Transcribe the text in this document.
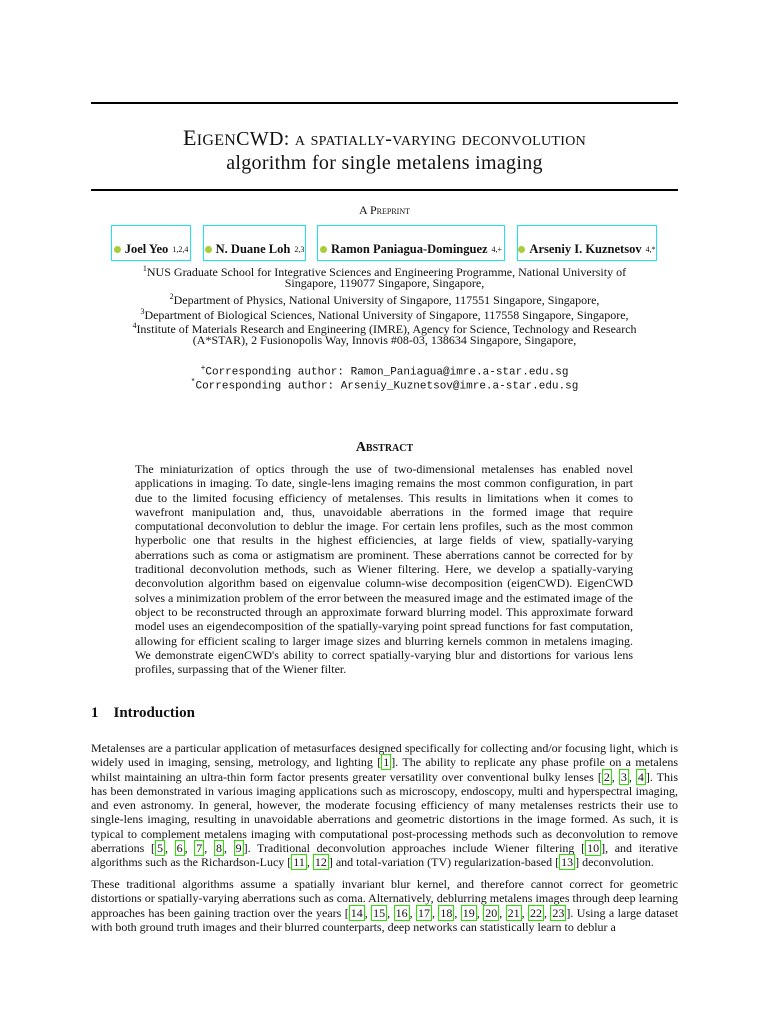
EIGENCWD: a spatially-varying deconvolution
algorithm for single metalens imaging
A Preprint
Joel Yeo 1,2,4 N. Duane Loh 2,3 Ramon Paniagua-Dominguez 4,+ Arseniy I. Kuznetsov 4,*
$^1$NUS Graduate School for Integrative Sciences and Engineering Programme, National University of
Singapore, 119077 Singapore, Singapore,
$^2$Department of Physics, National University of Singapore, 117551 Singapore, Singapore,
$^3$Department of Biological Sciences, National University of Singapore, 117558 Singapore, Singapore,
$^4$Institute of Materials Research and Engineering (IMRE), Agency for Science, Technology and Research
(A*STAR), 2 Fusionopolis Way, Innovis #08-03, 138634 Singapore, Singapore,
+Corresponding author: Ramon_Paniagua@imre.a-star.edu.sg
*Corresponding author: Arseniy_Kuznetsov@imre.a-star.edu.sg
Abstract
The miniaturization of optics through the use of two-dimensional metalenses has enabled novel applications in imaging. To date, single-lens imaging remains the most common configuration, in part due to the limited focusing efficiency of metalenses. This results in limitations when it comes to wavefront manipulation and, thus, unavoidable aberrations in the formed image that require computational deconvolution to deblur the image. For certain lens profiles, such as the most common hyperbolic one that results in the highest efficiencies, at large fields of view, spatially-varying aberrations such as coma or astigmatism are prominent. These aberrations cannot be corrected for by traditional deconvolution methods, such as Wiener filtering. Here, we develop a spatially-varying deconvolution algorithm based on eigenvalue column-wise decomposition (eigenCWD). EigenCWD solves a minimization problem of the error between the measured image and the estimated image of the object to be reconstructed through an approximate forward blurring model. This approximate forward model uses an eigendecomposition of the spatially-varying point spread functions for fast computation, allowing for efficient scaling to larger image sizes and blurring kernels common in metalens imaging. We demonstrate eigenCWD's ability to correct spatially-varying blur and distortions for various lens profiles, surpassing that of the Wiener filter.
1 Introduction
Metalenses are a particular application of metasurfaces designed specifically for collecting and/or focusing light, which is widely used in imaging, sensing, metrology, and lighting [ 1 ]. The ability to replicate any phase profile on a metalens whilst maintaining an ultra-thin form factor presents greater versatility over conventional bulky lenses [ 2 , 3 , 4 ]. This has been demonstrated in various imaging applications such as microscopy, endoscopy, multi and hyperspectral imaging, and even astronomy. In general, however, the moderate focusing efficiency of many metalenses restricts their use to single-lens imaging, resulting in unavoidable aberrations and geometric distortions in the image formed. As such, it is typical to complement metalens imaging with computational post-processing methods such as deconvolution to remove aberrations [ 5 , 6 , 7 , 8 , 9 ]. Traditional deconvolution approaches include Wiener filtering [ 10 ], and iterative algorithms such as the Richardson-Lucy [ 11 , 12 ] and total-variation (TV) regularization-based [ 13 ] deconvolution.
These traditional algorithms assume a spatially invariant blur kernel, and therefore cannot correct for geometric distortions or spatially-varying aberrations such as coma. Alternatively, deblurring metalens images through deep learning approaches has been gaining traction over the years [ 14 , 15 , 16 , 17 , 18 , 19 , 20 , 21 , 22 , 23 ]. Using a large dataset with both ground truth images and their blurred counterparts, deep networks can statistically learn to deblur a
